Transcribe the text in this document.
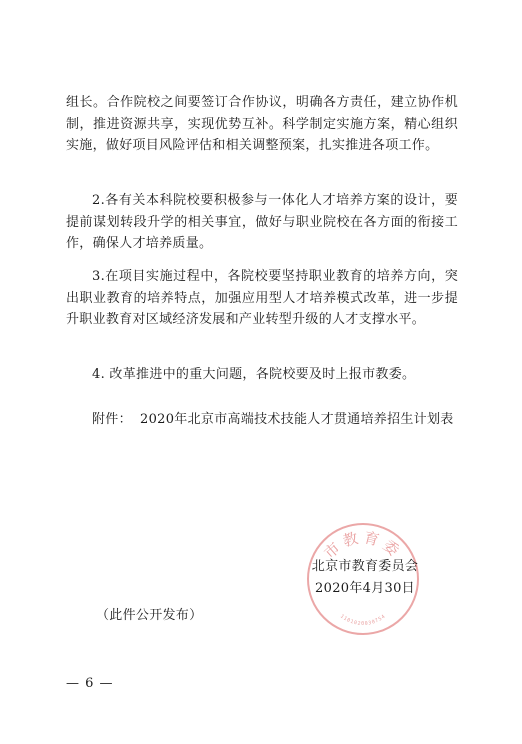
组长。合作院校之间要签订合作协议，明确各方责任，建立协作机制，推进资源共享，实现优势互补。科学制定实施方案，精心组织实施，做好项目风险评估和相关调整预案，扎实推进各项工作。

2.各有关本科院校要积极参与一体化人才培养方案的设计，要提前谋划转段升学的相关事宜，做好与职业院校在各方面的衔接工作，确保人才培养质量。

3.在项目实施过程中，各院校要坚持职业教育的培养方向，突出职业教育的培养特点，加强应用型人才培养模式改革，进一步提升职业教育对区域经济发展和产业转型升级的人才支撑水平。

4. 改革推进中的重大问题，各院校要及时上报市教委。

附件： 2020年北京市高端技术技能人才贯通培养招生计划表
市教育委
1101020030754
北京市教育委员会
2020年4月30日
（此件公开发布）
— 6 —
